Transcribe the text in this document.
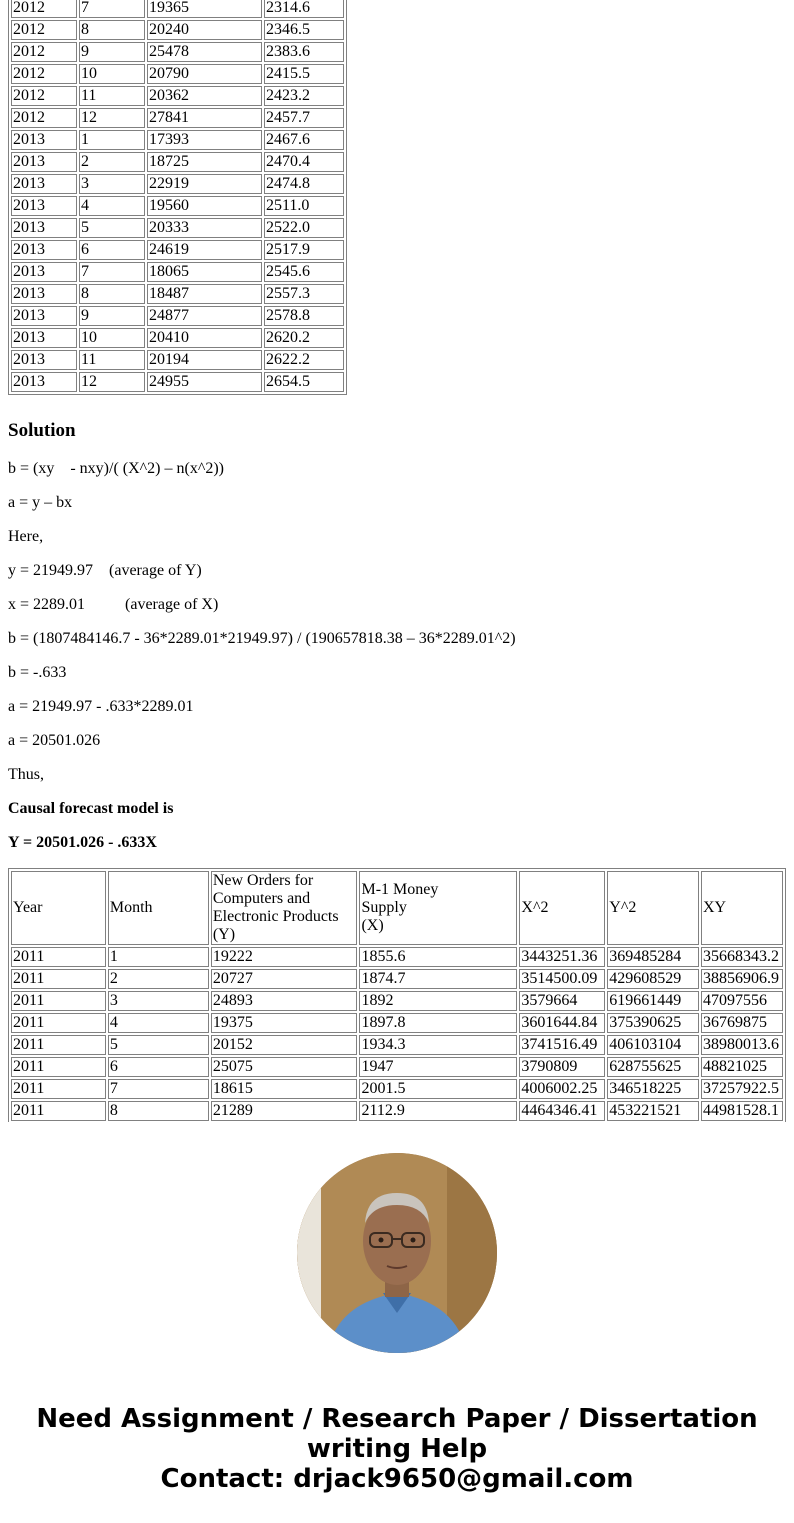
2012	7	19365	2314.6
2012	8	20240	2346.5
2012	9	25478	2383.6
2012	10	20790	2415.5
2012	11	20362	2423.2
2012	12	27841	2457.7
2013	1	17393	2467.6
2013	2	18725	2470.4
2013	3	22919	2474.8
2013	4	19560	2511.0
2013	5	20333	2522.0
2013	6	24619	2517.9
2013	7	18065	2545.6
2013	8	18487	2557.3
2013	9	24877	2578.8
2013	10	20410	2620.2
2013	11	20194	2622.2
2013	12	24955	2654.5
Solution

b = (xy    - nxy)/( (X^2) – n(x^2))

a = y – bx

Here,

y = 21949.97    (average of Y)

x = 2289.01          (average of X)

b = (1807484146.7 - 36*2289.01*21949.97) / (190657818.38 – 36*2289.01^2)

b = -.633

a = 21949.97 - .633*2289.01

a = 20501.026

Thus,

Causal forecast model is

Y = 20501.026 - .633X

Year	Month	New Orders for
Computers and
Electronic Products
(Y)	M-1 Money
Supply
(X)	X^2	Y^2	XY
2011	1	19222	1855.6	3443251.36	369485284	35668343.2
2011	2	20727	1874.7	3514500.09	429608529	38856906.9
2011	3	24893	1892	3579664	619661449	47097556
2011	4	19375	1897.8	3601644.84	375390625	36769875
2011	5	20152	1934.3	3741516.49	406103104	38980013.6
2011	6	25075	1947	3790809	628755625	48821025
2011	7	18615	2001.5	4006002.25	346518225	37257922.5
2011	8	21289	2112.9	4464346.41	453221521	44981528.1
Need Assignment / Research Paper / Dissertation
writing Help
Contact: drjack9650@gmail.com
